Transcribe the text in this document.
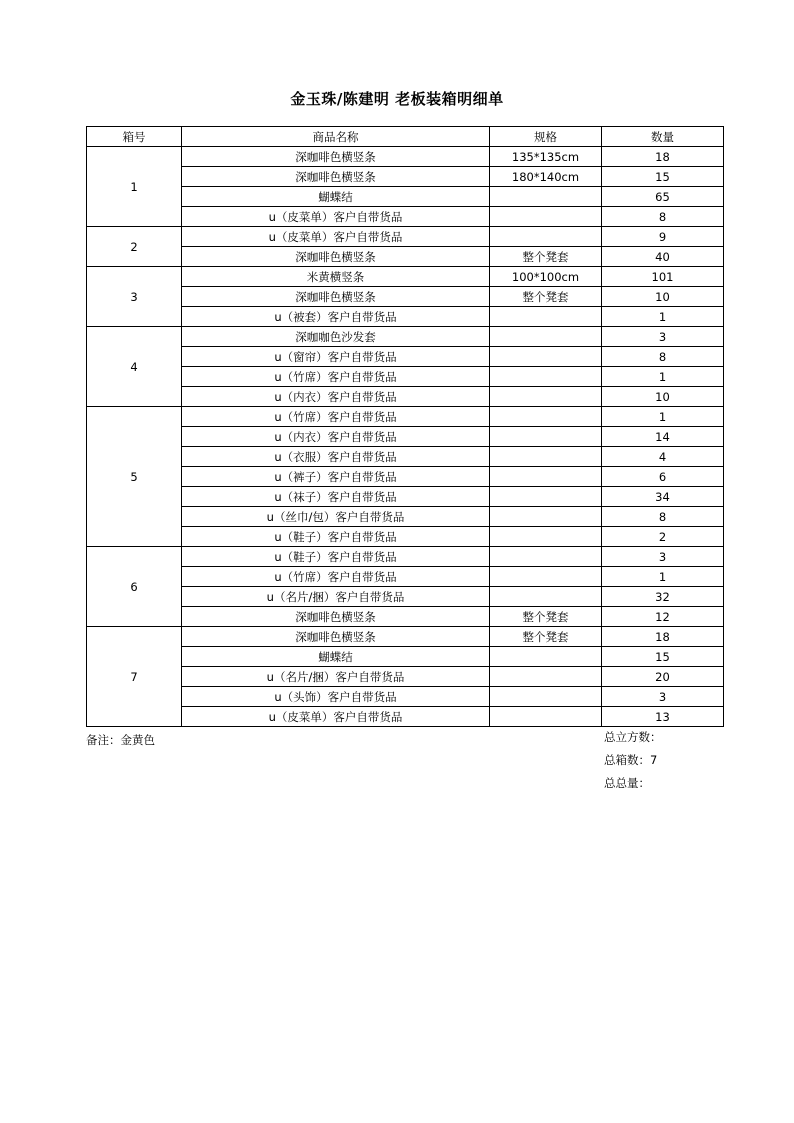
金玉珠/陈建明 老板装箱明细单
箱号	商品名称	规格	数量
1	深咖啡色横竖条	135*135cm	18
	深咖啡色横竖条	180*140cm	15
	蝴蝶结		65
	u（皮菜单）客户自带货品		8
2	u（皮菜单）客户自带货品		9
	深咖啡色横竖条	整个凳套	40
3	米黄横竖条	100*100cm	101
	深咖啡色横竖条	整个凳套	10
	u（被套）客户自带货品		1
4	深咖咖色沙发套		3
	u（窗帘）客户自带货品		8
	u（竹席）客户自带货品		1
	u（内衣）客户自带货品		10
5	u（竹席）客户自带货品		1
	u（内衣）客户自带货品		14
	u（衣服）客户自带货品		4
	u（裤子）客户自带货品		6
	u（袜子）客户自带货品		34
	u（丝巾/包）客户自带货品		8
	u（鞋子）客户自带货品		2
6	u（鞋子）客户自带货品		3
	u（竹席）客户自带货品		1
	u（名片/捆）客户自带货品		32
	深咖啡色横竖条	整个凳套	12
7	深咖啡色横竖条	整个凳套	18
	蝴蝶结		15
	u（名片/捆）客户自带货品		20
	u（头饰）客户自带货品		3
	u（皮菜单）客户自带货品		13
备注：金黄色	总立方数：
总箱数：7
总总量：
